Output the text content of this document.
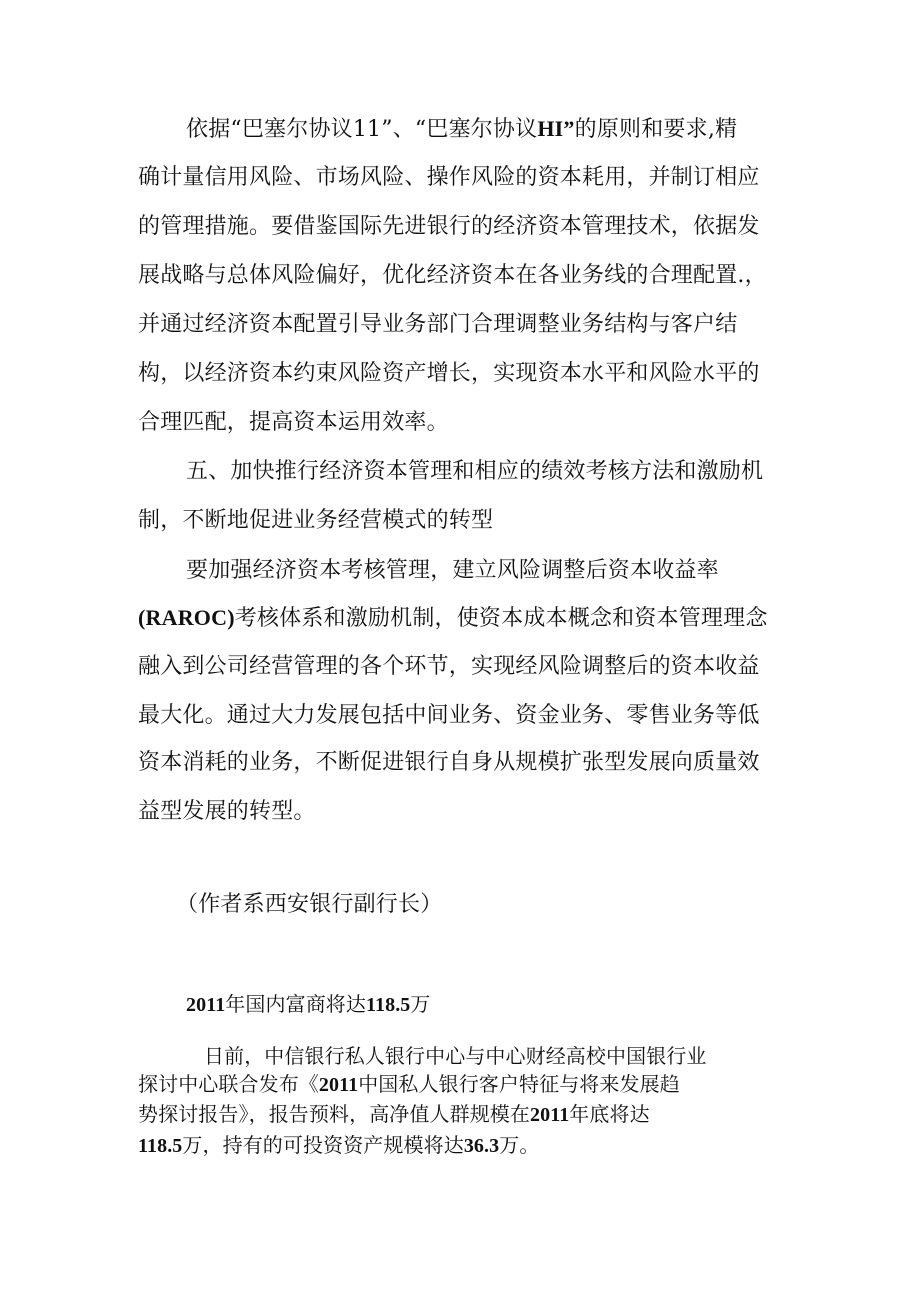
依据“巴塞尔协议11”、“巴塞尔协议HI”的原则和要求,精
确计量信用风险、市场风险、操作风险的资本耗用，并制订相应
的管理措施。要借鉴国际先进银行的经济资本管理技术，依据发
展战略与总体风险偏好，优化经济资本在各业务线的合理配置.，
并通过经济资本配置引导业务部门合理调整业务结构与客户结
构，以经济资本约束风险资产增长，实现资本水平和风险水平的
合理匹配，提高资本运用效率。
五、加快推行经济资本管理和相应的绩效考核方法和激励机
制，不断地促进业务经营模式的转型
要加强经济资本考核管理，建立风险调整后资本收益率
(RAROC)考核体系和激励机制，使资本成本概念和资本管理理念
融入到公司经营管理的各个环节，实现经风险调整后的资本收益
最大化。通过大力发展包括中间业务、资金业务、零售业务等低
资本消耗的业务，不断促进银行自身从规模扩张型发展向质量效
益型发展的转型。
（作者系西安银行副行长）
2011年国内富商将达118.5万
日前，中信银行私人银行中心与中心财经高校中国银行业
探讨中心联合发布《2011中国私人银行客户特征与将来发展趋
势探讨报告》，报告预料，高净值人群规模在2011年底将达
118.5万，持有的可投资资产规模将达36.3万。
